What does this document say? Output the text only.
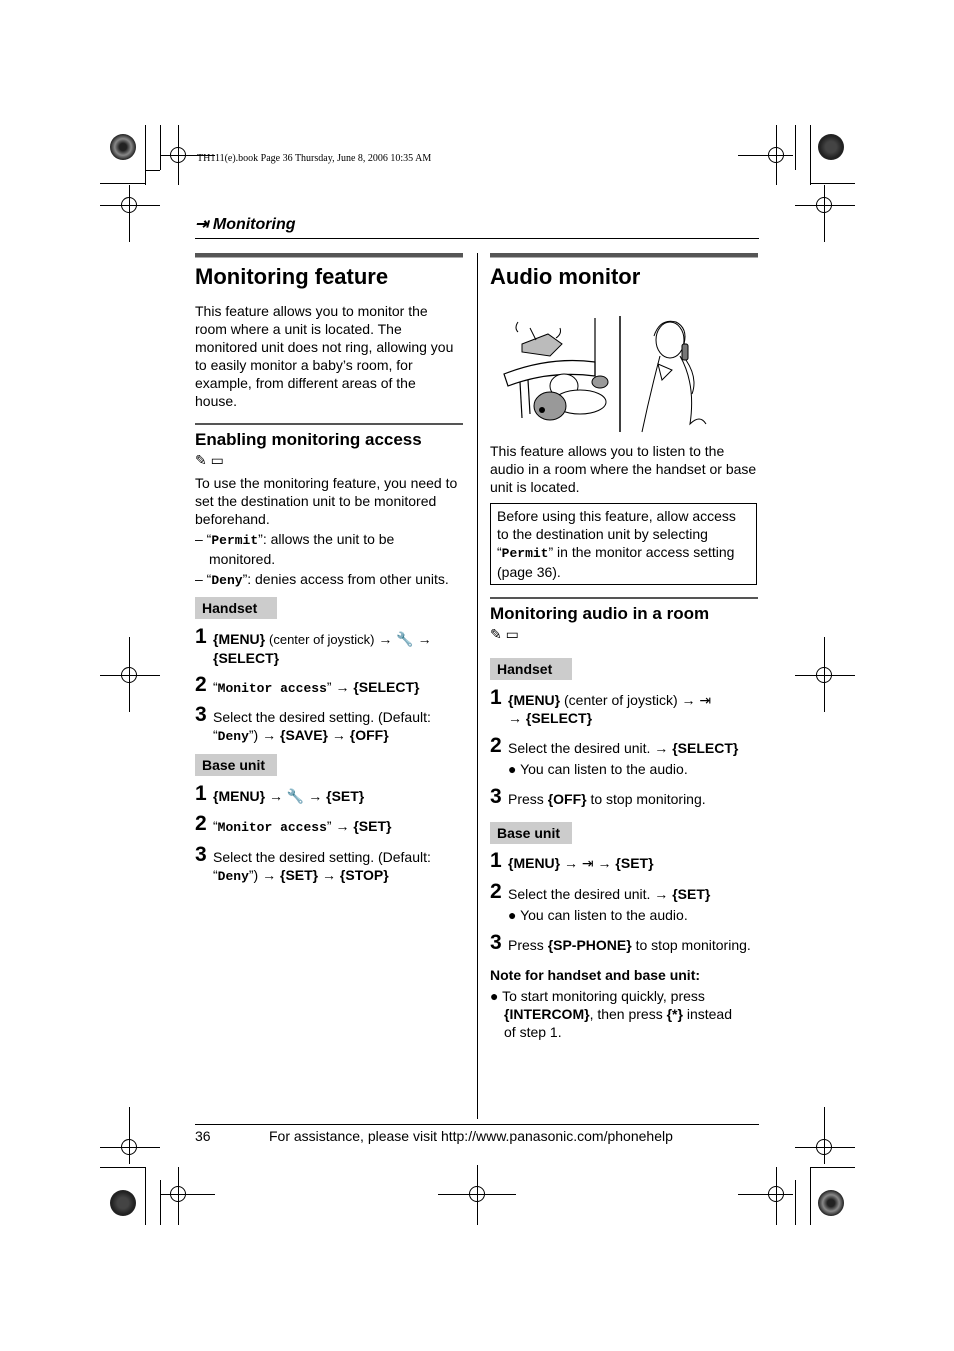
TH111(e).book Page 36 Thursday, June 8, 2006 10:35 AM
⇥ Monitoring
Monitoring feature
This feature allows you to monitor the
room where a unit is located. The
monitored unit does not ring, allowing you
to easily monitor a baby’s room, for
example, from different areas of the
house.
Enabling monitoring access
✎ ▭
To use the monitoring feature, you need to
set the destination unit to be monitored
beforehand.
– “Permit”: allows the unit to be
monitored.
– “Deny”: denies access from other units.
Handset
1 {MENU} (center of joystick) → 🔧 →
{SELECT}
2 “Monitor access” → {SELECT}
3 Select the desired setting. (Default:
“Deny”) → {SAVE} → {OFF}
Base unit
1 {MENU} → 🔧 → {SET}
2 “Monitor access” → {SET}
3 Select the desired setting. (Default:
“Deny”) → {SET} → {STOP}
Audio monitor
This feature allows you to listen to the
audio in a room where the handset or base
unit is located.
Before using this feature, allow access
to the destination unit by selecting
“Permit” in the monitor access setting
(page 36).
Monitoring audio in a room
✎ ▭
Handset
1 {MENU} (center of joystick) → ⇥
→ {SELECT}
2 Select the desired unit. → {SELECT}
● You can listen to the audio.
3 Press {OFF} to stop monitoring.
Base unit
1 {MENU} → ⇥ → {SET}
2 Select the desired unit. → {SET}
● You can listen to the audio.
3 Press {SP-PHONE} to stop monitoring.
Note for handset and base unit:
● To start monitoring quickly, press
{INTERCOM}, then press {*} instead
of step 1.
36	For assistance, please visit http://www.panasonic.com/phonehelp
